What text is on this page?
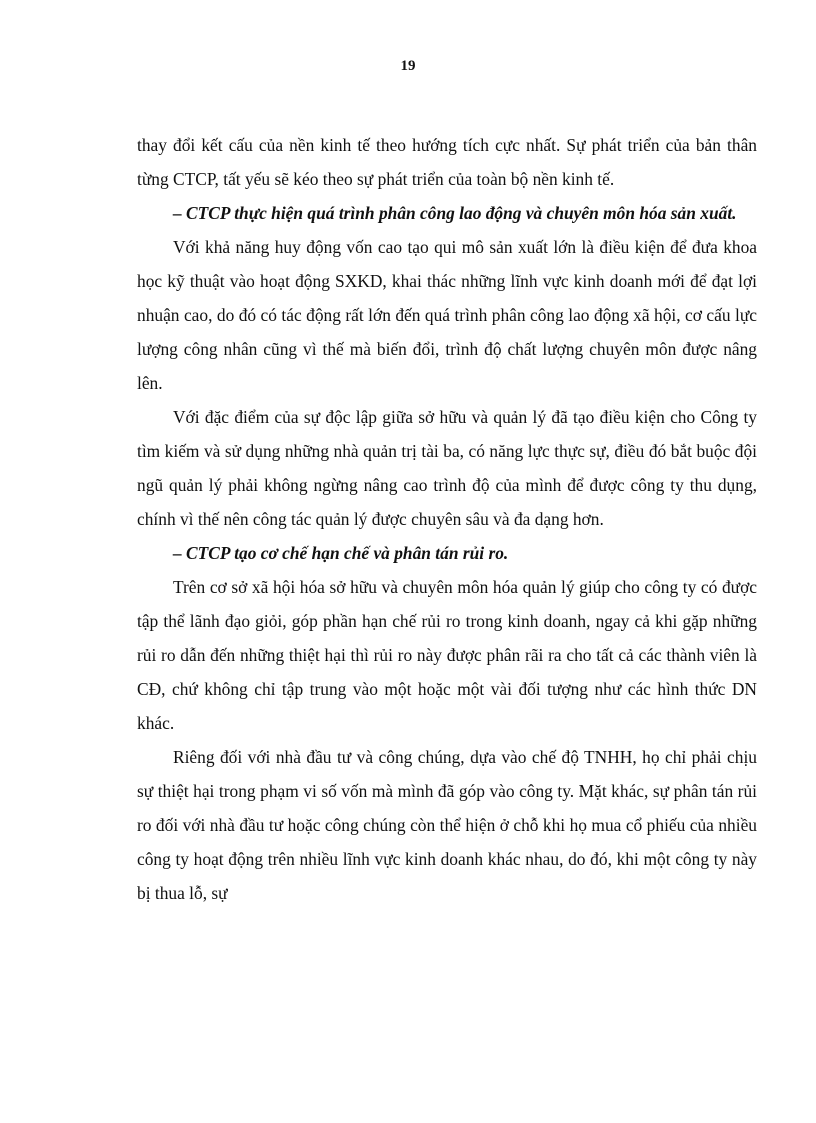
19

thay đổi kết cấu của nền kinh tế theo hướng tích cực nhất. Sự phát triển của bản thân từng CTCP, tất yếu sẽ kéo theo sự phát triển của toàn bộ nền kinh tế.

– CTCP thực hiện quá trình phân công lao động và chuyên môn hóa sản xuất.

Với khả năng huy động vốn cao tạo qui mô sản xuất lớn là điều kiện để đưa khoa học kỹ thuật vào hoạt động SXKD, khai thác những lĩnh vực kinh doanh mới để đạt lợi nhuận cao, do đó có tác động rất lớn đến quá trình phân công lao động xã hội, cơ cấu lực lượng công nhân cũng vì thế mà biến đổi, trình độ chất lượng chuyên môn được nâng lên.

Với đặc điểm của sự độc lập giữa sở hữu và quản lý đã tạo điều kiện cho Công ty tìm kiếm và sử dụng những nhà quản trị tài ba, có năng lực thực sự, điều đó bắt buộc đội ngũ quản lý phải không ngừng nâng cao trình độ của mình để được công ty thu dụng, chính vì thế nên công tác quản lý được chuyên sâu và đa dạng hơn.

– CTCP tạo cơ chế hạn chế và phân tán rủi ro.

Trên cơ sở xã hội hóa sở hữu và chuyên môn hóa quản lý giúp cho công ty có được tập thể lãnh đạo giỏi, góp phần hạn chế rủi ro trong kinh doanh, ngay cả khi gặp những rủi ro dẫn đến những thiệt hại thì rủi ro này được phân rãi ra cho tất cả các thành viên là CĐ, chứ không chỉ tập trung vào một hoặc một vài đối tượng như các hình thức DN khác.

Riêng đối với nhà đầu tư và công chúng, dựa vào chế độ TNHH, họ chỉ phải chịu sự thiệt hại trong phạm vi số vốn mà mình đã góp vào công ty. Mặt khác, sự phân tán rủi ro đối với nhà đầu tư hoặc công chúng còn thể hiện ở chỗ khi họ mua cổ phiếu của nhiều công ty hoạt động trên nhiều lĩnh vực kinh doanh khác nhau, do đó, khi một công ty này bị thua lỗ, sự
